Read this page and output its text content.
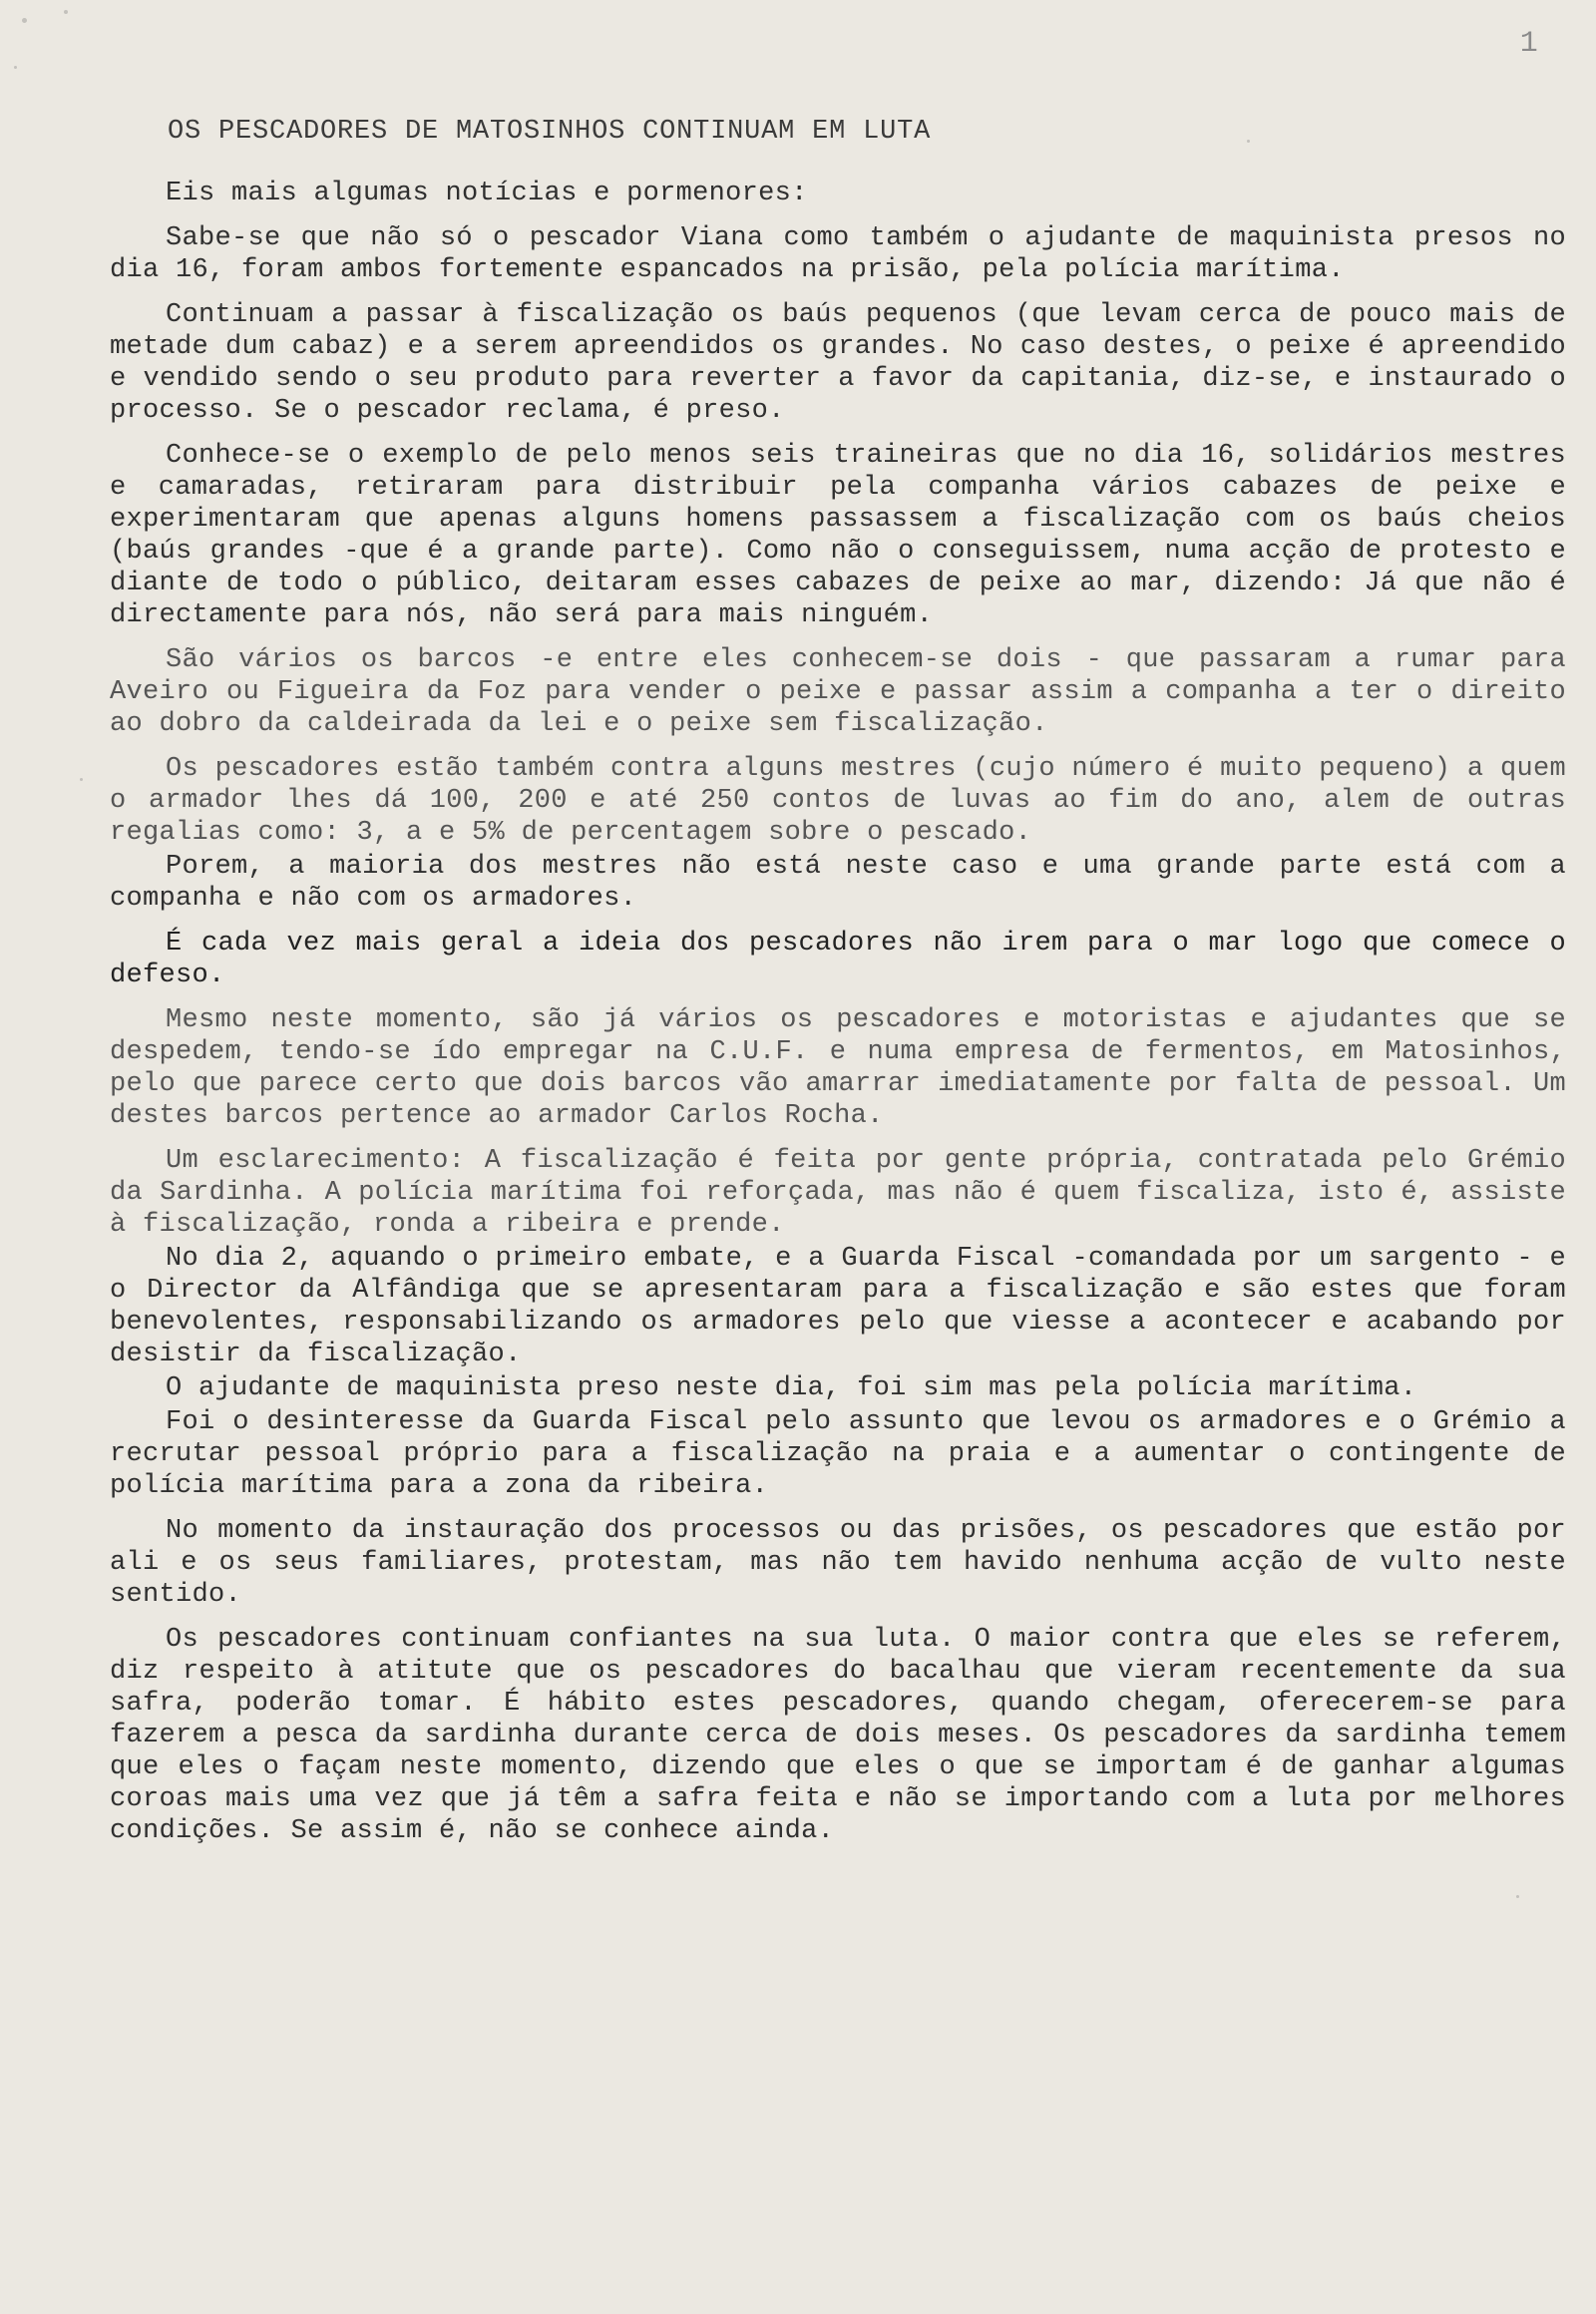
1
OS PESCADORES DE MATOSINHOS CONTINUAM EM LUTA

Eis mais algumas notícias e pormenores:

Sabe-se que não só o pescador Viana como também o ajudante de maquinista presos no dia 16, foram ambos fortemente espancados na prisão, pela polícia marítima.

Continuam a passar à fiscalização os baús pequenos (que levam cerca de pouco mais de metade dum cabaz) e a serem apreendidos os grandes. No caso destes, o peixe é apreendido e vendido sendo o seu produto para reverter a favor da capitania, diz-se, e instaurado o processo. Se o pescador reclama, é preso.

Conhece-se o exemplo de pelo menos seis traineiras que no dia 16, solidários mestres e camaradas, retiraram para distribuir pela companha vários cabazes de peixe e experimentaram que apenas alguns homens passassem a fiscalização com os baús cheios (baús grandes -que é a grande parte). Como não o conseguissem, numa acção de protesto e diante de todo o público, deitaram esses cabazes de peixe ao mar, dizendo: Já que não é directamente para nós, não será para mais ninguém.

São vários os barcos -e entre eles conhecem-se dois - que passaram a rumar para Aveiro ou Figueira da Foz para vender o peixe e passar assim a companha a ter o direito ao dobro da caldeirada da lei e o peixe sem fiscalização.

Os pescadores estão também contra alguns mestres (cujo número é muito pequeno) a quem o armador lhes dá 100, 200 e até 250 contos de luvas ao fim do ano, alem de outras regalias como: 3, a e 5% de percentagem sobre o pescado.

Porem, a maioria dos mestres não está neste caso e uma grande parte está com a companha e não com os armadores.

É cada vez mais geral a ideia dos pescadores não irem para o mar logo que comece o defeso.

Mesmo neste momento, são já vários os pescadores e motoristas e ajudantes que se despedem, tendo-se ído empregar na C.U.F. e numa empresa de fermentos, em Matosinhos, pelo que parece certo que dois barcos vão amarrar imediatamente por falta de pessoal. Um destes barcos pertence ao armador Carlos Rocha.

Um esclarecimento: A fiscalização é feita por gente própria, contratada pelo Grémio da Sardinha. A polícia marítima foi reforçada, mas não é quem fiscaliza, isto é, assiste à fiscalização, ronda a ribeira e prende.

No dia 2, aquando o primeiro embate, e a Guarda Fiscal -comandada por um sargento - e o Director da Alfândiga que se apresentaram para a fiscalização e são estes que foram benevolentes, responsabilizando os armadores pelo que viesse a acontecer e acabando por desistir da fiscalização.

O ajudante de maquinista preso neste dia, foi sim mas pela polícia marítima.

Foi o desinteresse da Guarda Fiscal pelo assunto que levou os armadores e o Grémio a recrutar pessoal próprio para a fiscalização na praia e a aumentar o contingente de polícia marítima para a zona da ribeira.

No momento da instauração dos processos ou das prisões, os pescadores que estão por ali e os seus familiares, protestam, mas não tem havido nenhuma acção de vulto neste sentido.

Os pescadores continuam confiantes na sua luta. O maior contra que eles se referem, diz respeito à atitute que os pescadores do bacalhau que vieram recentemente da sua safra, poderão tomar. É hábito estes pescadores, quando chegam, oferecerem-se para fazerem a pesca da sardinha durante cerca de dois meses. Os pescadores da sardinha temem que eles o façam neste momento, dizendo que eles o que se importam é de ganhar algumas coroas mais uma vez que já têm a safra feita e não se importando com a luta por melhores condições. Se assim é, não se conhece ainda.
